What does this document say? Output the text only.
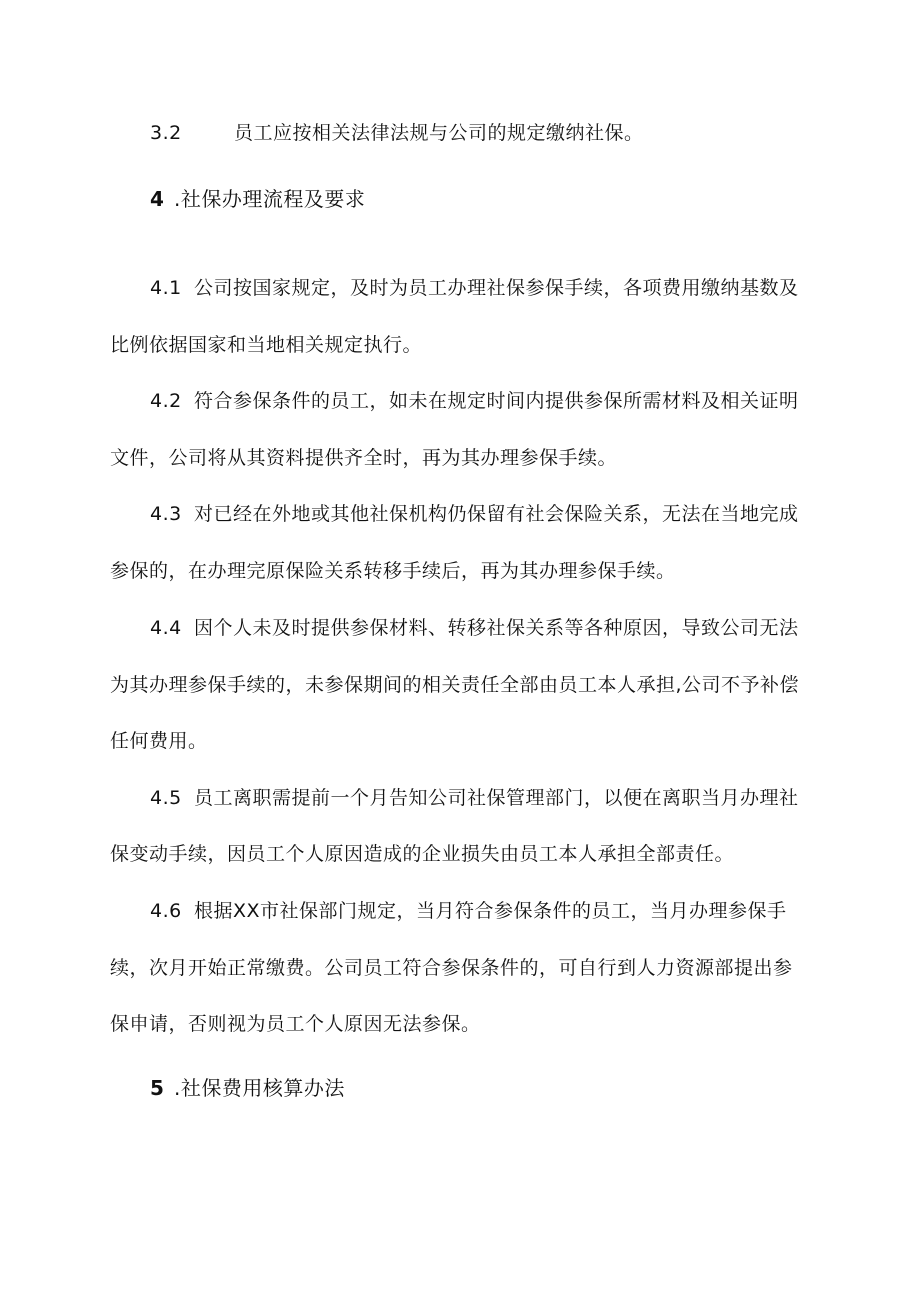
3.2	员工应按相关法律法规与公司的规定缴纳社保。
4 .社保办理流程及要求
4.1 公司按国家规定，及时为员工办理社保参保手续，各项费用缴纳基数及
比例依据国家和当地相关规定执行。
4.2 符合参保条件的员工，如未在规定时间内提供参保所需材料及相关证明
文件，公司将从其资料提供齐全时，再为其办理参保手续。
4.3 对已经在外地或其他社保机构仍保留有社会保险关系，无法在当地完成
参保的，在办理完原保险关系转移手续后，再为其办理参保手续。
4.4 因个人未及时提供参保材料、转移社保关系等各种原因，导致公司无法
为其办理参保手续的，未参保期间的相关责任全部由员工本人承担,公司不予补偿
任何费用。
4.5 员工离职需提前一个月告知公司社保管理部门，以便在离职当月办理社
保变动手续，因员工个人原因造成的企业损失由员工本人承担全部责任。
4.6 根据XX市社保部门规定，当月符合参保条件的员工，当月办理参保手
续，次月开始正常缴费。公司员工符合参保条件的，可自行到人力资源部提出参
保申请，否则视为员工个人原因无法参保。
5 .社保费用核算办法
